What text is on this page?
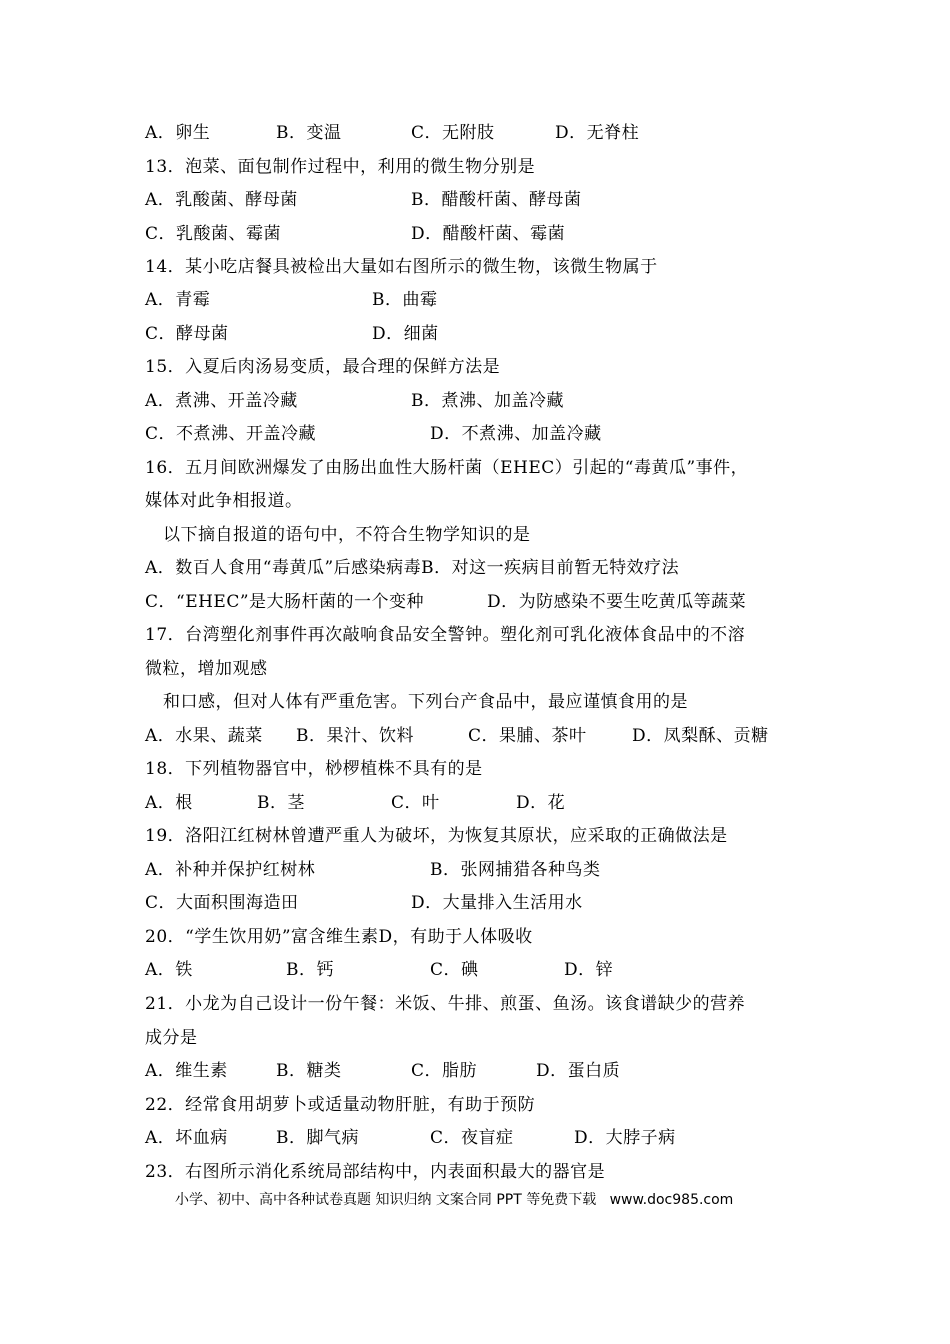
A．卵生	B．变温	C．无附肢	D．无脊柱
13．泡菜、面包制作过程中，利用的微生物分别是
A．乳酸菌、酵母菌	B．醋酸杆菌、酵母菌
C．乳酸菌、霉菌	D．醋酸杆菌、霉菌
14．某小吃店餐具被检出大量如右图所示的微生物，该微生物属于
A．青霉	B．曲霉
C．酵母菌	D．细菌
15．入夏后肉汤易变质，最合理的保鲜方法是
A．煮沸、开盖冷藏	B．煮沸、加盖冷藏
C．不煮沸、开盖冷藏	D．不煮沸、加盖冷藏
16．五月间欧洲爆发了由肠出血性大肠杆菌（EHEC）引起的“毒黄瓜”事件，
媒体对此争相报道。
以下摘自报道的语句中，不符合生物学知识的是
A．数百人食用“毒黄瓜”后感染病毒B．对这一疾病目前暂无特效疗法
C．“EHEC”是大肠杆菌的一个变种	D．为防感染不要生吃黄瓜等蔬菜
17．台湾塑化剂事件再次敲响食品安全警钟。塑化剂可乳化液体食品中的不溶
微粒，增加观感
和口感，但对人体有严重危害。下列台产食品中，最应谨慎食用的是
A．水果、蔬菜 B．果汁、饮料	C．果脯、茶叶	D．凤梨酥、贡糖
18．下列植物器官中，桫椤植株不具有的是
A．根	B．茎	C．叶	D．花
19．洛阳江红树林曾遭严重人为破坏，为恢复其原状，应采取的正确做法是
A．补种并保护红树林	B．张网捕猎各种鸟类
C．大面积围海造田	D．大量排入生活用水
20．“学生饮用奶”富含维生素D，有助于人体吸收
A．铁	B．钙	C．碘	D．锌
21．小龙为自己设计一份午餐：米饭、牛排、煎蛋、鱼汤。该食谱缺少的营养
成分是
A．维生素	B．糖类	C．脂肪	D．蛋白质
22．经常食用胡萝卜或适量动物肝脏，有助于预防
A．坏血病	B．脚气病	C．夜盲症	D．大脖子病
23．右图所示消化系统局部结构中，内表面积最大的器官是
小学、初中、高中各种试卷真题 知识归纳 文案合同 PPT 等免费下载   www.doc985.com
